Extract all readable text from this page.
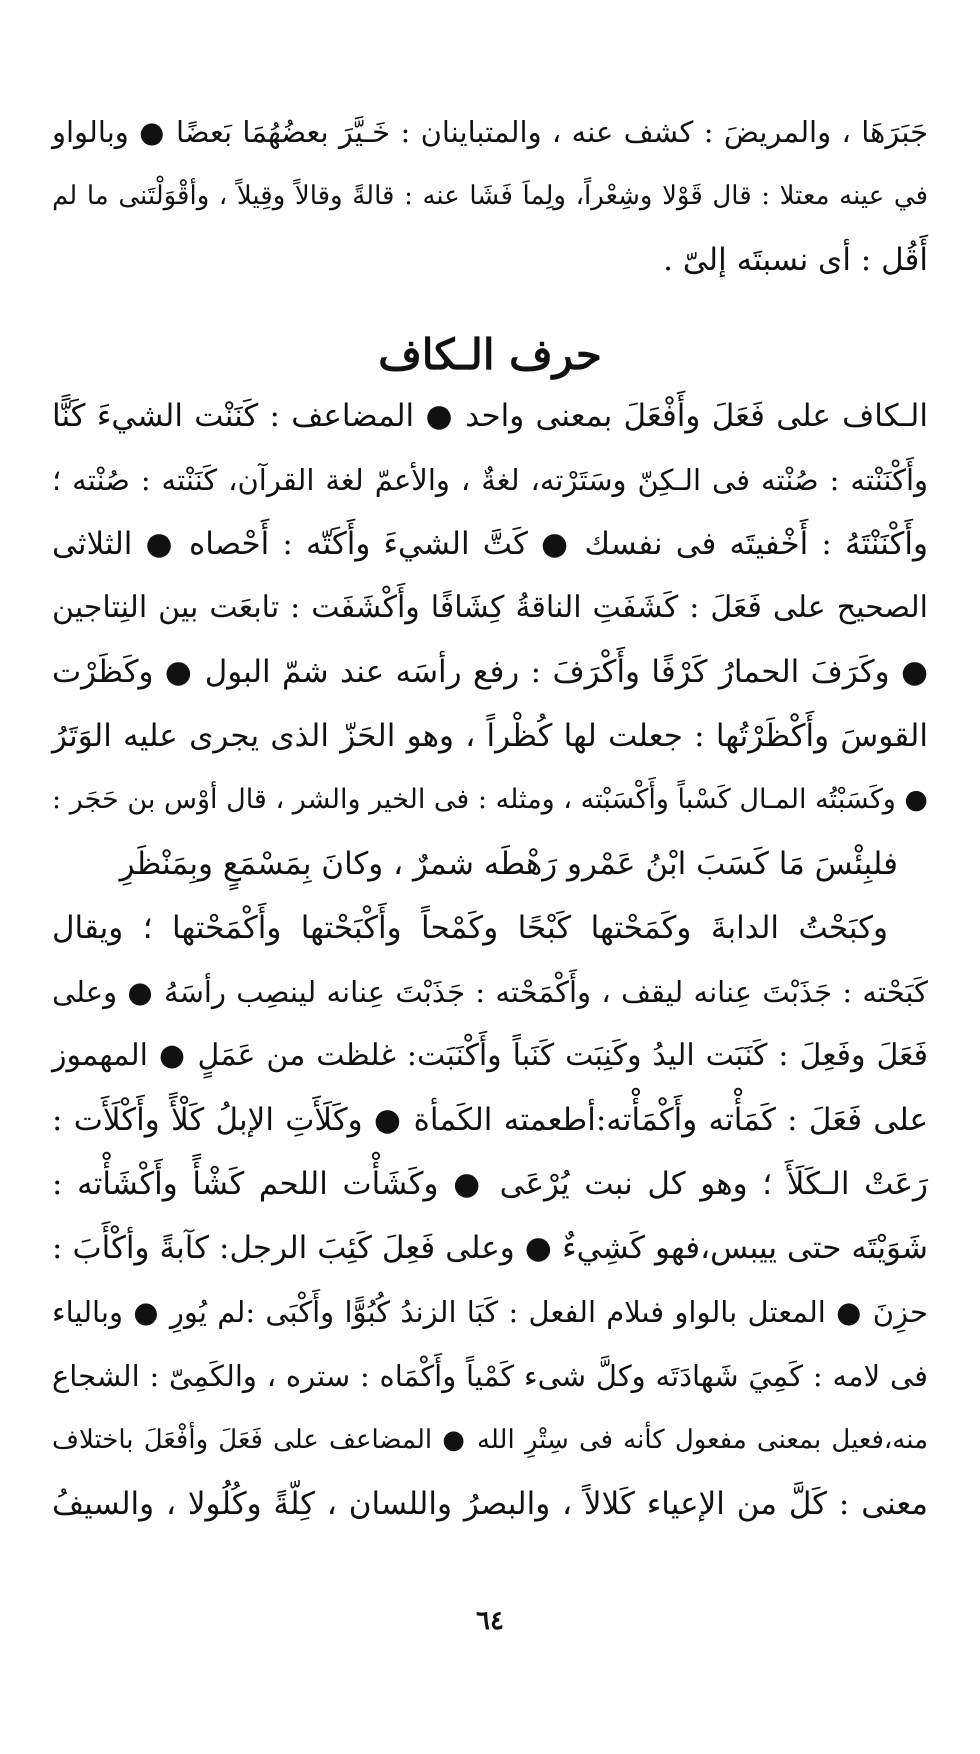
جَبَرَهَا ، والمريضَ : كشف عنه ، والمتباينان : خَـيَّرَ بعضُهُمَا بَعضًا ● وبالواو
في عينه معتلا : قال قَوْلا وشِعْراً، ولِماَ فَشَا عنه : قالةً وقالاً وقِيلاً ، وأقْوَلْتَنى ما لم
أَقُل : أى نسبتَه إلىّ .
حرف الـكاف
الـكاف على فَعَلَ وأَفْعَلَ بمعنى واحد ● المضاعف : كَنَنْت الشيءَ كَنًّا
وأَكْنَنْته : صُنْته فى الـكِنّ وسَتَرْته، لغةٌ ، والأعمّ لغة القرآن، كَنَنْته : صُنْته ؛
وأَكْنَنْتَهُ : أَخْفيتَه فى نفسك ● كَتَّ الشيءَ وأَكَتّه : أَحْصاه ● الثلاثى
الصحيح على فَعَلَ : كَشَفَتِ الناقةُ كِشَافًا وأَكْشَفَت : تابعَت بين النِتاجين
● وكَرَفَ الحمارُ كَرْفًا وأَكْرَفَ : رفع رأسَه عند شمّ البول ● وكَظَرْت
القوسَ وأَكْظَرْتُها : جعلت لها كُظْراً ، وهو الحَزّ الذى يجرى عليه الوَتَرُ
● وكَسَبْتُه المـال كَسْباً وأَكْسَبْته ، ومثله : فى الخير والشر ، قال أوْس بن حَجَر :
فلبِئْسَ مَا كَسَبَ ابْنُ عَمْرو رَهْطَه شمرٌ ، وكانَ بِمَسْمَعٍ وبِمَنْظَرِ
وكبَحْتُ الدابةَ وكَمَحْتها كَبْحًا وكَمْحاً وأَكْبَحْتها وأَكْمَحْتها ؛ ويقال
كَبَحْته : جَذَبْتَ عِنانه ليقف ، وأَكْمَحْته : جَذَبْتَ عِنانه لينصِب رأسَهُ ● وعلى
فَعَلَ وفَعِلَ : كَنَبَت اليدُ وكَنِبَت كَنَباً وأَكْنَبَت: غلظت من عَمَلٍ ● المهموز
على فَعَلَ : كَمَأْته وأَكْمَأْته:أطعمته الكَمأة ● وكَلَأَتِ الإبلُ كَلْأً وأَكْلَأَت :
رَعَتْ الـكَلَأَ ؛ وهو كل نبت يُرْعَى ● وكَشَأْت اللحم كَشْأً وأَكْشَأْته :
شَوَيْتَه حتى ييبس،فهو كَشِيءٌ ● وعلى فَعِلَ كَئِبَ الرجل: كآبةً وأكْأَبَ :
حزِنَ ● المعتل بالواو فىلام الفعل : كَبَا الزندُ كُبُوًّا وأَكْبَى :لم يُورِ ● وبالياء
فى لامه : كَمِيَ شَهادَتَه وكلَّ شىء كَمْياً وأَكْمَاه : ستره ، والكَمِىّ : الشجاع
منه،فعيل بمعنى مفعول كأنه فى سِتْرِ الله ● المضاعف على فَعَلَ وأفْعَلَ باختلاف
معنى : كَلَّ من الإعياء كَلالاً ، والبصرُ واللسان ، كِلّةً وكُلُولا ، والسيفُ
٦٤
